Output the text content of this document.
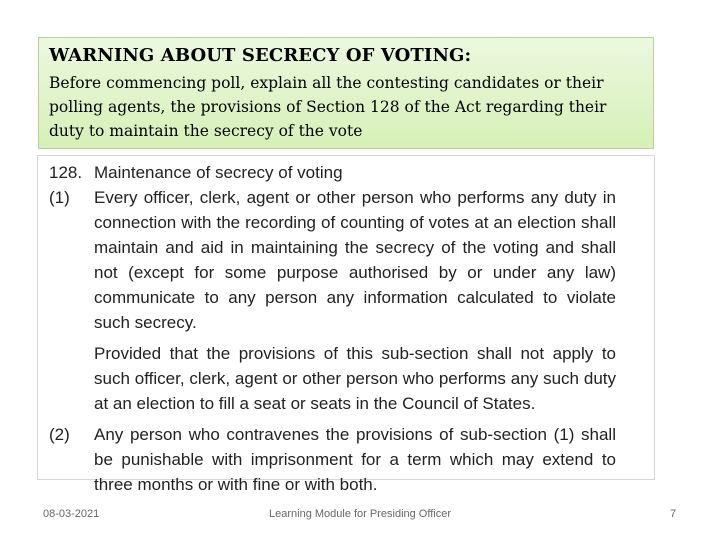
WARNING ABOUT SECRECY OF VOTING:

Before commencing poll, explain all the contesting candidates or their polling agents, the provisions of Section 128 of the Act regarding their duty to maintain the secrecy of the vote

128. Maintenance of secrecy of voting
(1)	Every officer, clerk, agent or other person who performs any duty in connection with the recording of counting of votes at an election shall maintain and aid in maintaining the secrecy of the voting and shall not (except for some purpose authorised by or under any law) communicate to any person any information calculated to violate such secrecy.
Provided that the provisions of this sub-section shall not apply to such officer, clerk, agent or other person who performs any such duty at an election to fill a seat or seats in the Council of States.
(2)	Any person who contravenes the provisions of sub-section (1) shall be punishable with imprisonment for a term which may extend to three months or with fine or with both.
08-03-2021	Learning Module for Presiding Officer	7
